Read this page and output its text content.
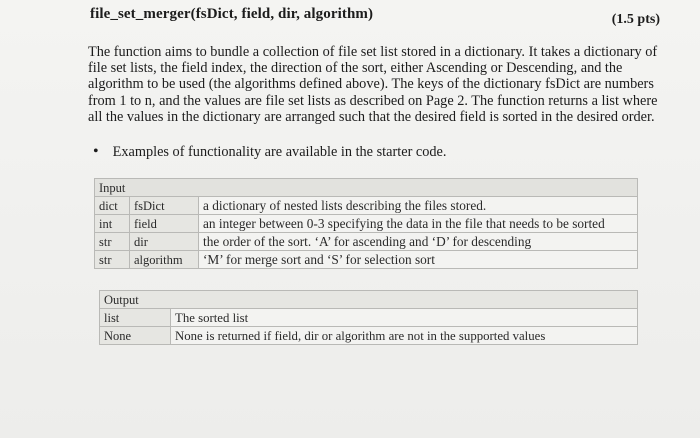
file_set_merger(fsDict, field, dir, algorithm)	(1.5 pts)
The function aims to bundle a collection of file set list stored in a dictionary. It takes a dictionary of file set lists, the field index, the direction of the sort, either Ascending or Descending, and the algorithm to be used (the algorithms defined above). The keys of the dictionary fsDict are numbers from 1 to n, and the values are file set lists as described on Page 2. The function returns a list where all the values in the dictionary are arranged such that the desired field is sorted in the desired order.
• Examples of functionality are available in the starter code.
Input		
dict	fsDict	a dictionary of nested lists describing the files stored.
int	field	an integer between 0-3 specifying the data in the file that needs to be sorted
str	dir	the order of the sort. ‘A’ for ascending and ‘D’ for descending
str	algorithm	‘M’ for merge sort and ‘S’ for selection sort
Output	
list	The sorted list
None	None is returned if field, dir or algorithm are not in the supported values
